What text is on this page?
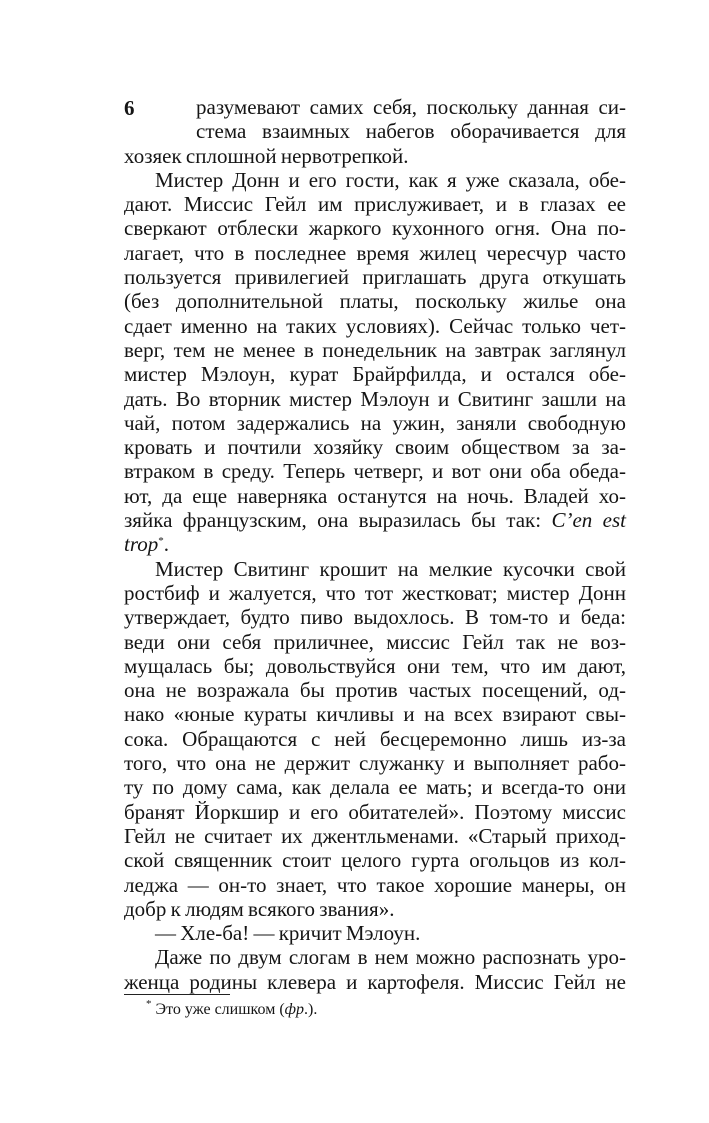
6	разумевают самих себя, поскольку данная си-
стема взаимных набегов оборачивается для
хозяек сплошной нервотрепкой.
Мистер Донн и его гости, как я уже сказала, обе-
дают. Миссис Гейл им прислуживает, и в глазах ее
сверкают отблески жаркого кухонного огня. Она по-
лагает, что в последнее время жилец чересчур часто
пользуется привилегией приглашать друга откушать
(без дополнительной платы, поскольку жилье она
сдает именно на таких условиях). Сейчас только чет-
верг, тем не менее в понедельник на завтрак заглянул
мистер Мэлоун, курат Брайрфилда, и остался обе-
дать. Во вторник мистер Мэлоун и Свитинг зашли на
чай, потом задержались на ужин, заняли свободную
кровать и почтили хозяйку своим обществом за за-
втраком в среду. Теперь четверг, и вот они оба обеда-
ют, да еще наверняка останутся на ночь. Владей хо-
зяйка французским, она выразилась бы так: C’en est
trop*.
Мистер Свитинг крошит на мелкие кусочки свой
ростбиф и жалуется, что тот жестковат; мистер Донн
утверждает, будто пиво выдохлось. В том-то и беда:
веди они себя приличнее, миссис Гейл так не воз-
мущалась бы; довольствуйся они тем, что им дают,
она не возражала бы против частых посещений, од-
нако «юные кураты кичливы и на всех взирают свы-
сока. Обращаются с ней бесцеремонно лишь из-за
того, что она не держит служанку и выполняет рабо-
ту по дому сама, как делала ее мать; и всегда-то они
бранят Йоркшир и его обитателей». Поэтому миссис
Гейл не считает их джентльменами. «Старый приход-
ской священник стоит целого гурта огольцов из кол-
леджа — он-то знает, что такое хорошие манеры, он
добр к людям всякого звания».
— Хле-ба! — кричит Мэлоун.
Даже по двум слогам в нем можно распознать уро-
женца родины клевера и картофеля. Миссис Гейл не
* Это уже слишком (фр.).
